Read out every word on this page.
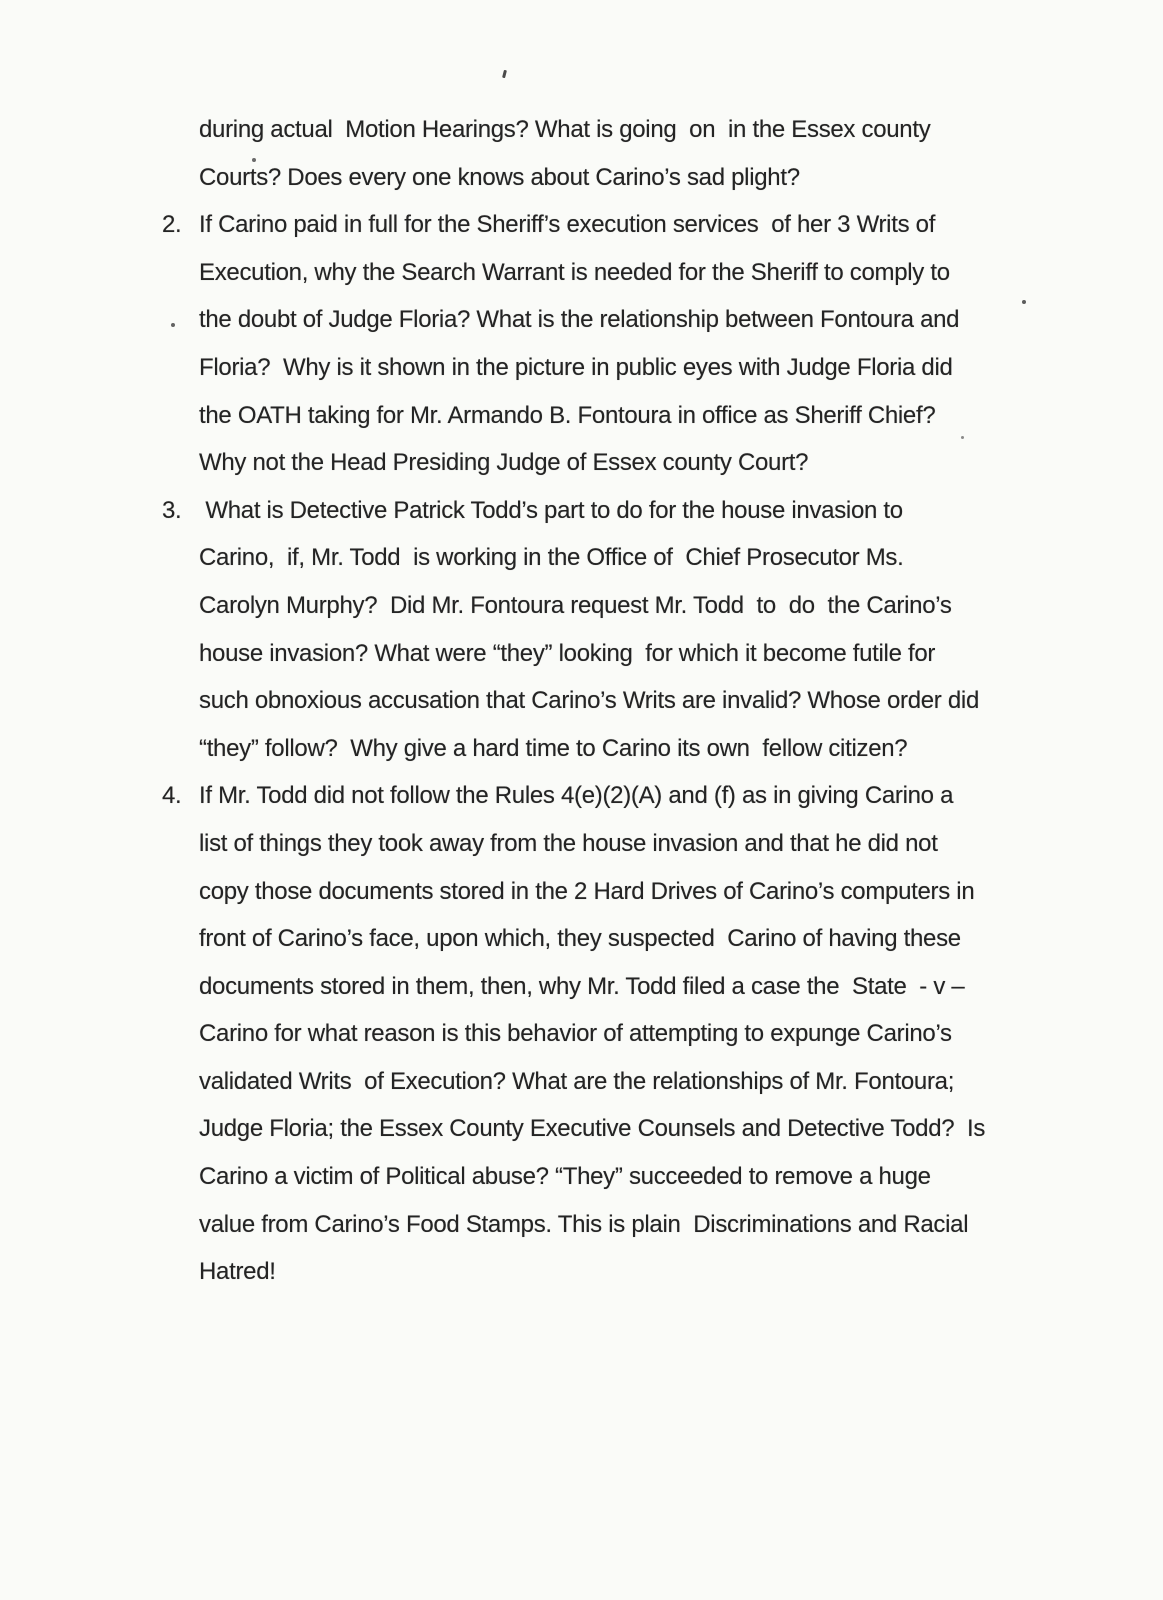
during actual  Motion Hearings? What is going  on  in the Essex county
Courts? Does every one knows about Carino’s sad plight?
2. If Carino paid in full for the Sheriff’s execution services  of her 3 Writs of
Execution, why the Search Warrant is needed for the Sheriff to comply to
the doubt of Judge Floria? What is the relationship between Fontoura and
Floria?  Why is it shown in the picture in public eyes with Judge Floria did
the OATH taking for Mr. Armando B. Fontoura in office as Sheriff Chief?
Why not the Head Presiding Judge of Essex county Court?
3. What is Detective Patrick Todd’s part to do for the house invasion to
Carino,  if, Mr. Todd  is working in the Office of  Chief Prosecutor Ms.
Carolyn Murphy?  Did Mr. Fontoura request Mr. Todd  to  do  the Carino’s
house invasion? What were “they” looking  for which it become futile for
such obnoxious accusation that Carino’s Writs are invalid? Whose order did
“they” follow?  Why give a hard time to Carino its own  fellow citizen?
4. If Mr. Todd did not follow the Rules 4(e)(2)(A) and (f) as in giving Carino a
list of things they took away from the house invasion and that he did not
copy those documents stored in the 2 Hard Drives of Carino’s computers in
front of Carino’s face, upon which, they suspected  Carino of having these
documents stored in them, then, why Mr. Todd filed a case the  State  - v –
Carino for what reason is this behavior of attempting to expunge Carino’s
validated Writs  of Execution? What are the relationships of Mr. Fontoura;
Judge Floria; the Essex County Executive Counsels and Detective Todd?  Is
Carino a victim of Political abuse? “They” succeeded to remove a huge
value from Carino’s Food Stamps. This is plain  Discriminations and Racial
Hatred!
